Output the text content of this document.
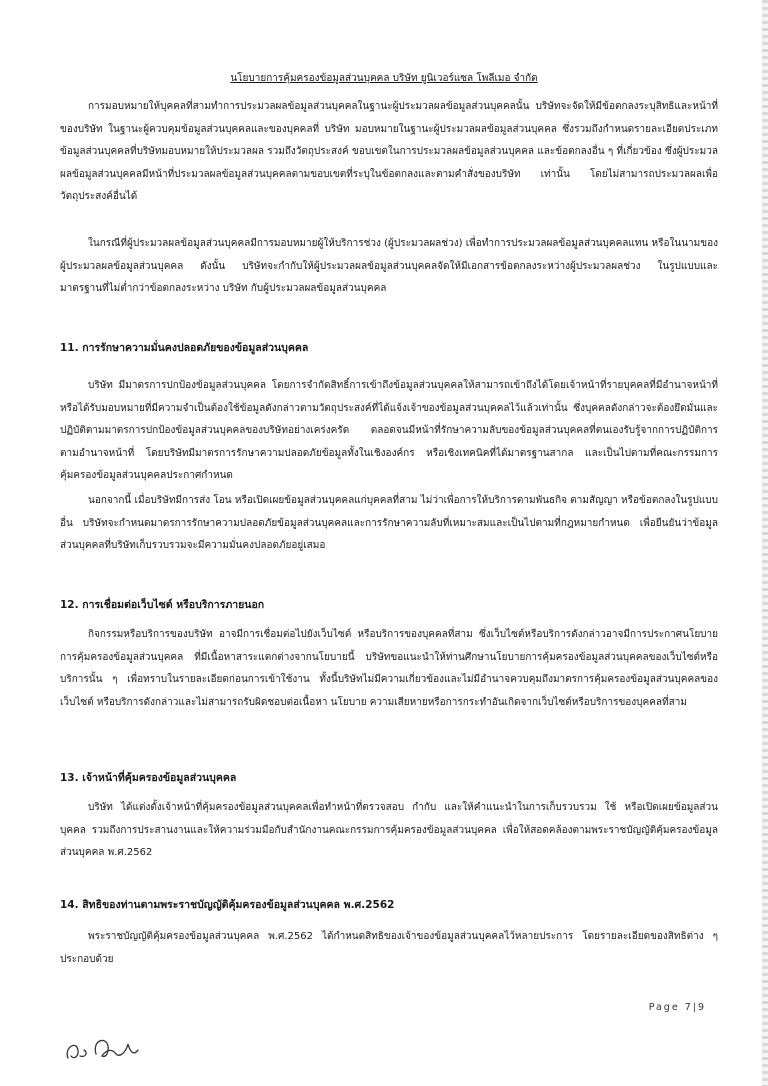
นโยบายการคุ้มครองข้อมูลส่วนบุคคล บริษัท ยูนิเวอร์แซล โพลีเมอ จำกัด

การมอบหมายให้บุคคลที่สามทำการประมวลผลข้อมูลส่วนบุคคลในฐานะผู้ประมวลผลข้อมูลส่วนบุคคลนั้น บริษัทจะจัดให้มีข้อตกลงระบุสิทธิและหน้าที่ของบริษัท ในฐานะผู้ควบคุมข้อมูลส่วนบุคคลและของบุคคลที่ บริษัท มอบหมายในฐานะผู้ประมวลผลข้อมูลส่วนบุคคล ซึ่งรวมถึงกำหนดรายละเอียดประเภทข้อมูลส่วนบุคคลที่บริษัทมอบหมายให้ประมวลผล รวมถึงวัตถุประสงค์ ขอบเขตในการประมวลผลข้อมูลส่วนบุคคล และข้อตกลงอื่น ๆ ที่เกี่ยวข้อง ซึ่งผู้ประมวลผลข้อมูลส่วนบุคคลมีหน้าที่ประมวลผลข้อมูลส่วนบุคคลตามขอบเขตที่ระบุในข้อตกลงและตามคำสั่งของบริษัท เท่านั้น โดยไม่สามารถประมวลผลเพื่อวัตถุประสงค์อื่นได้

ในกรณีที่ผู้ประมวลผลข้อมูลส่วนบุคคลมีการมอบหมายผู้ให้บริการช่วง (ผู้ประมวลผลช่วง) เพื่อทำการประมวลผลข้อมูลส่วนบุคคลแทน หรือในนามของผู้ประมวลผลข้อมูลส่วนบุคคล ดังนั้น บริษัทจะกำกับให้ผู้ประมวลผลข้อมูลส่วนบุคคลจัดให้มีเอกสารข้อตกลงระหว่างผู้ประมวลผลช่วง ในรูปแบบและมาตรฐานที่ไม่ต่ำกว่าข้อตกลงระหว่าง บริษัท กับผู้ประมวลผลข้อมูลส่วนบุคคล

11. การรักษาความมั่นคงปลอดภัยของข้อมูลส่วนบุคคล

บริษัท มีมาตรการปกป้องข้อมูลส่วนบุคคล โดยการจำกัดสิทธิ์การเข้าถึงข้อมูลส่วนบุคคลให้สามารถเข้าถึงได้โดยเจ้าหน้าที่รายบุคคลที่มีอำนาจหน้าที่หรือได้รับมอบหมายที่มีความจำเป็นต้องใช้ข้อมูลดังกล่าวตามวัตถุประสงค์ที่ได้แจ้งเจ้าของข้อมูลส่วนบุคคลไว้แล้วเท่านั้น ซึ่งบุคคลดังกล่าวจะต้องยึดมั่นและปฏิบัติตามมาตรการปกป้องข้อมูลส่วนบุคคลของบริษัทอย่างเคร่งครัด ตลอดจนมีหน้าที่รักษาความลับของข้อมูลส่วนบุคคลที่ตนเองรับรู้จากการปฏิบัติการตามอำนาจหน้าที่ โดยบริษัทมีมาตรการรักษาความปลอดภัยข้อมูลทั้งในเชิงองค์กร หรือเชิงเทคนิคที่ได้มาตรฐานสากล และเป็นไปตามที่คณะกรรมการคุ้มครองข้อมูลส่วนบุคคลประกาศกำหนด

นอกจากนี้ เมื่อบริษัทมีการส่ง โอน หรือเปิดเผยข้อมูลส่วนบุคคลแก่บุคคลที่สาม ไม่ว่าเพื่อการให้บริการตามพันธกิจ ตามสัญญา หรือข้อตกลงในรูปแบบอื่น บริษัทจะกำหนดมาตรการรักษาความปลอดภัยข้อมูลส่วนบุคคลและการรักษาความลับที่เหมาะสมและเป็นไปตามที่กฎหมายกำหนด เพื่อยืนยันว่าข้อมูลส่วนบุคคลที่บริษัทเก็บรวบรวมจะมีความมั่นคงปลอดภัยอยู่เสมอ

12. การเชื่อมต่อเว็บไซต์ หรือบริการภายนอก

กิจกรรมหรือบริการของบริษัท อาจมีการเชื่อมต่อไปยังเว็บไซต์ หรือบริการของบุคคลที่สาม ซึ่งเว็บไซต์หรือบริการดังกล่าวอาจมีการประกาศนโยบายการคุ้มครองข้อมูลส่วนบุคคล ที่มีเนื้อหาสาระแตกต่างจากนโยบายนี้ บริษัทขอแนะนำให้ท่านศึกษานโยบายการคุ้มครองข้อมูลส่วนบุคคลของเว็บไซต์หรือบริการนั้น ๆ เพื่อทราบในรายละเอียดก่อนการเข้าใช้งาน ทั้งนี้บริษัทไม่มีความเกี่ยวข้องและไม่มีอำนาจควบคุมถึงมาตรการคุ้มครองข้อมูลส่วนบุคคลของเว็บไซต์ หรือบริการดังกล่าวและไม่สามารถรับผิดชอบต่อเนื้อหา นโยบาย ความเสียหายหรือการกระทำอันเกิดจากเว็บไซต์หรือบริการของบุคคลที่สาม

13. เจ้าหน้าที่คุ้มครองข้อมูลส่วนบุคคล

บริษัท ได้แต่งตั้งเจ้าหน้าที่คุ้มครองข้อมูลส่วนบุคคลเพื่อทำหน้าที่ตรวจสอบ กำกับ และให้คำแนะนำในการเก็บรวบรวม ใช้ หรือเปิดเผยข้อมูลส่วนบุคคล รวมถึงการประสานงานและให้ความร่วมมือกับสำนักงานคณะกรรมการคุ้มครองข้อมูลส่วนบุคคล เพื่อให้สอดคล้องตามพระราชบัญญัติคุ้มครองข้อมูลส่วนบุคคล พ.ศ.2562

14. สิทธิของท่านตามพระราชบัญญัติคุ้มครองข้อมูลส่วนบุคคล พ.ศ.2562

พระราชบัญญัติคุ้มครองข้อมูลส่วนบุคคล พ.ศ.2562 ได้กำหนดสิทธิของเจ้าของข้อมูลส่วนบุคคลไว้หลายประการ โดยรายละเอียดของสิทธิต่าง ๆ ประกอบด้วย

Page 7|9
